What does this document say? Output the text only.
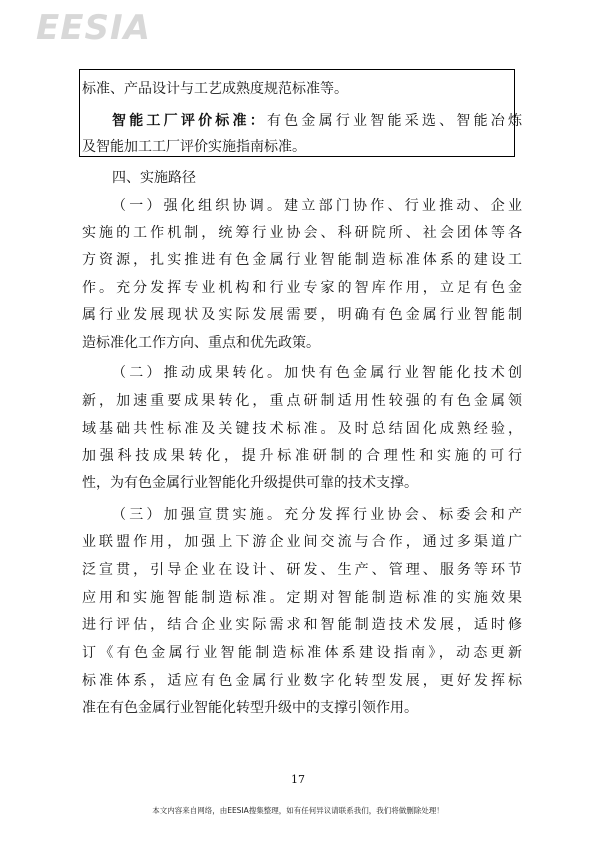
EESIA
标准、产品设计与工艺成熟度规范标准等。
智能工厂评价标准：有色金属行业智能采选、智能冶炼
及智能加工工厂评价实施指南标准。
四、实施路径
（一）强化组织协调。建立部门协作、行业推动、企业
实施的工作机制，统筹行业协会、科研院所、社会团体等各
方资源，扎实推进有色金属行业智能制造标准体系的建设工
作。充分发挥专业机构和行业专家的智库作用，立足有色金
属行业发展现状及实际发展需要，明确有色金属行业智能制
造标准化工作方向、重点和优先政策。
（二）推动成果转化。加快有色金属行业智能化技术创
新，加速重要成果转化，重点研制适用性较强的有色金属领
域基础共性标准及关键技术标准。及时总结固化成熟经验，
加强科技成果转化，提升标准研制的合理性和实施的可行
性，为有色金属行业智能化升级提供可靠的技术支撑。
（三）加强宣贯实施。充分发挥行业协会、标委会和产
业联盟作用，加强上下游企业间交流与合作，通过多渠道广
泛宣贯，引导企业在设计、研发、生产、管理、服务等环节
应用和实施智能制造标准。定期对智能制造标准的实施效果
进行评估，结合企业实际需求和智能制造技术发展，适时修
订《有色金属行业智能制造标准体系建设指南》，动态更新
标准体系，适应有色金属行业数字化转型发展，更好发挥标
准在有色金属行业智能化转型升级中的支撑引领作用。
17
本文内容来自网络，由EESIA搜集整理，如有任何异议请联系我们，我们将做删除处理！
